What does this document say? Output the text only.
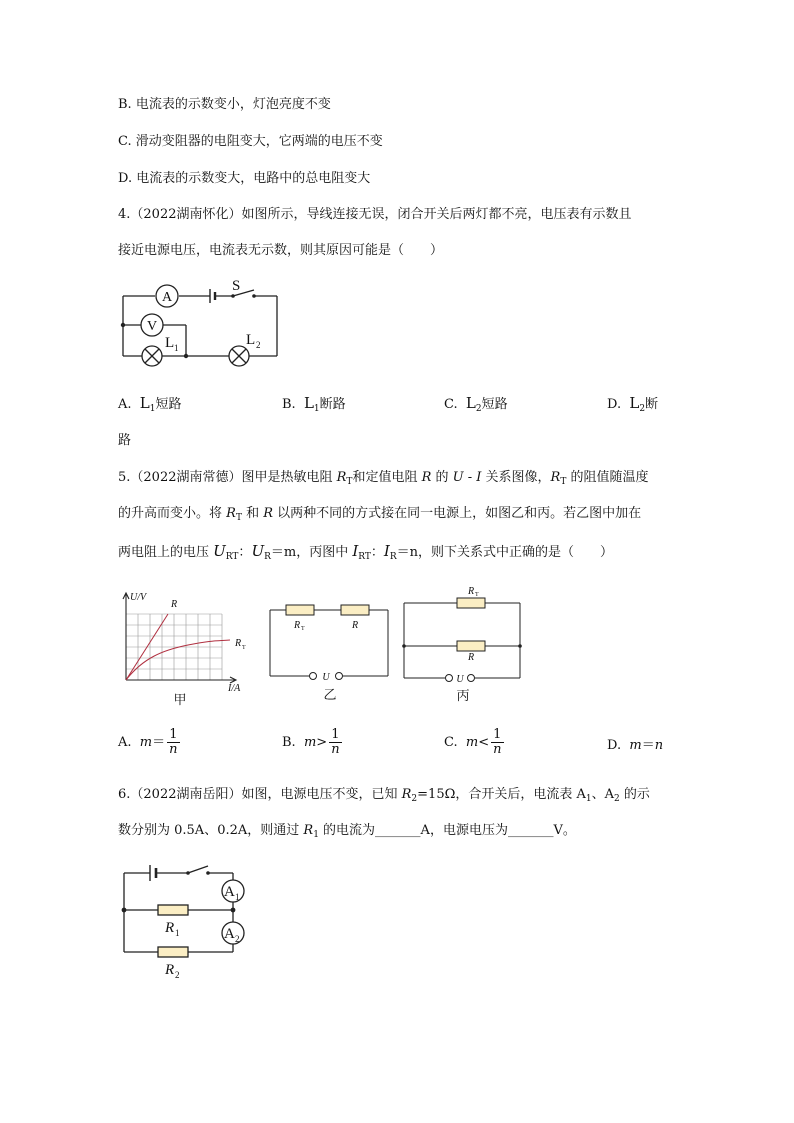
B. 电流表的示数变小，灯泡亮度不变
C. 滑动变阻器的电阻变大，它两端的电压不变
D. 电流表的示数变大，电路中的总电阻变大
4.（2022湖南怀化）如图所示，导线连接无误，闭合开关后两灯都不亮，电压表有示数且
接近电源电压，电流表无示数，则其原因可能是（　　）
A
V
S
L 1	L 2
A. $L_1$短路	B. $L_1$断路	C. $L_2$短路	D. $L_2$断
路
5.（2022湖南常德）图甲是热敏电阻 $R_T$和定值电阻 R 的 U - I 关系图像，$R_T$ 的阻值随温度
的升高而变小。将 $R_T$ 和 R 以两种不同的方式接在同一电源上，如图乙和丙。若乙图中加在
两电阻上的电压 $U_{RT}$：$U_R=m$，丙图中 $I_{RT}$：$I_R=n$，则下关系式中正确的是（　　）
U/V
I/A
R
R T
甲
R T	R
U
乙
R T
R
U
丙
A. $m= \frac{1}{n}$	B. $m> \frac{1}{n}$	C. $m< \frac{1}{n}$	D. m＝n
6.（2022湖南岳阳）如图，电源电压不变，已知 $R_2=15\Omega$，合开关后，电流表 $A_1$、$A_2$ 的示
数分别为 0.5A、0.2A，则通过 $R_1$ 的电流为_______A，电源电压为_______V。
A 1
A 2
R 1
R 2
